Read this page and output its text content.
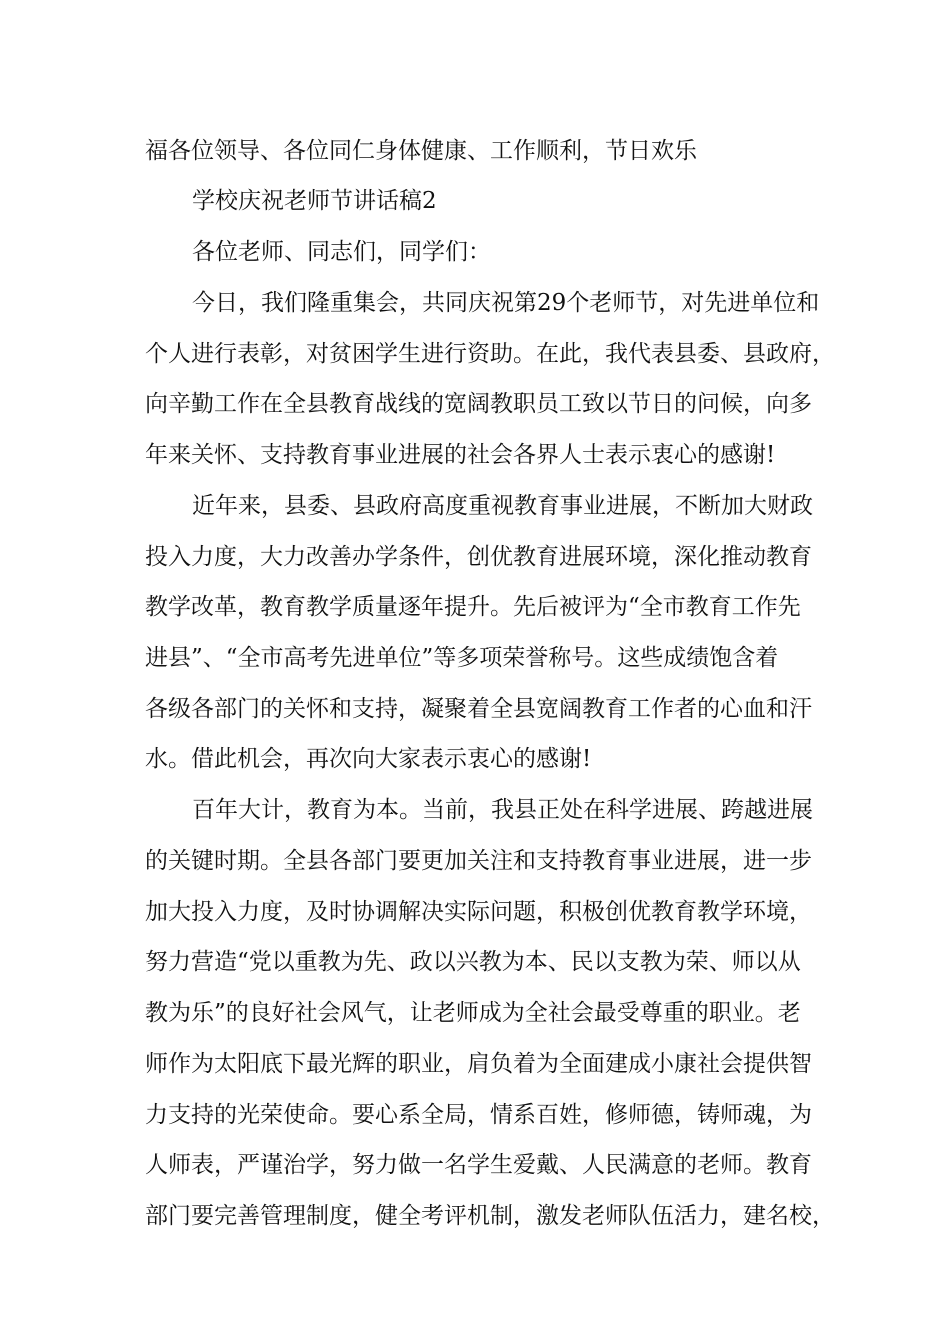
福各位领导、各位同仁身体健康、工作顺利，节日欢乐
学校庆祝老师节讲话稿2
各位老师、同志们，同学们：
今日，我们隆重集会，共同庆祝第29个老师节，对先进单位和
个人进行表彰，对贫困学生进行资助。在此，我代表县委、县政府，
向辛勤工作在全县教育战线的宽阔教职员工致以节日的问候，向多
年来关怀、支持教育事业进展的社会各界人士表示衷心的感谢!
近年来，县委、县政府高度重视教育事业进展，不断加大财政
投入力度，大力改善办学条件，创优教育进展环境，深化推动教育
教学改革，教育教学质量逐年提升。先后被评为“全市教育工作先
进县”、“全市高考先进单位”等多项荣誉称号。这些成绩饱含着
各级各部门的关怀和支持，凝聚着全县宽阔教育工作者的心血和汗
水。借此机会，再次向大家表示衷心的感谢!
百年大计，教育为本。当前，我县正处在科学进展、跨越进展
的关键时期。全县各部门要更加关注和支持教育事业进展，进一步
加大投入力度，及时协调解决实际问题，积极创优教育教学环境，
努力营造“党以重教为先、政以兴教为本、民以支教为荣、师以从
教为乐”的良好社会风气，让老师成为全社会最受尊重的职业。老
师作为太阳底下最光辉的职业，肩负着为全面建成小康社会提供智
力支持的光荣使命。要心系全局，情系百姓，修师德，铸师魂，为
人师表，严谨治学，努力做一名学生爱戴、人民满意的老师。教育
部门要完善管理制度，健全考评机制，激发老师队伍活力，建名校，
